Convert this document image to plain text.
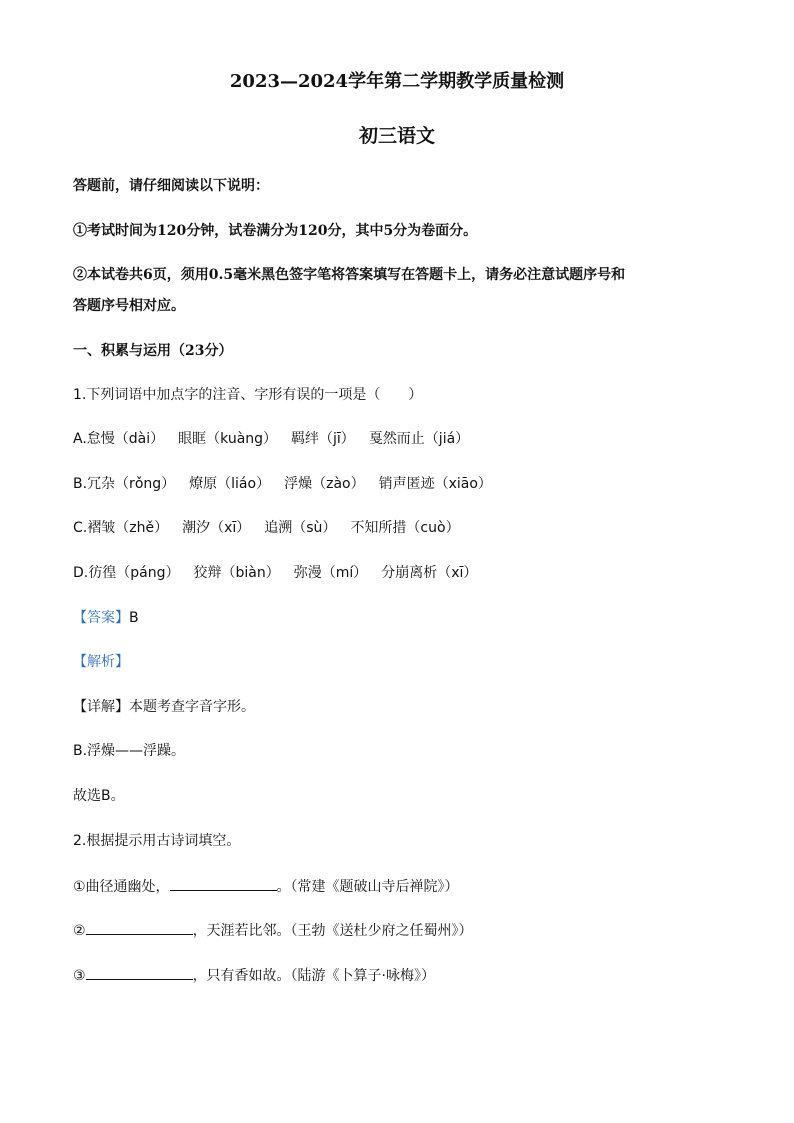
2023—2024学年第二学期教学质量检测
初三语文
答题前，请仔细阅读以下说明：
①考试时间为120分钟，试卷满分为120分，其中5分为卷面分。
②本试卷共6页，须用0.5毫米黑色签字笔将答案填写在答题卡上，请务必注意试题序号和
答题序号相对应。
一、积累与运用（23分）
1.下列词语中加点字的注音、字形有误的一项是（　　）
A.怠慢（dài） 眼眶（kuàng） 羁绊（jī） 戛然而止（jiá）
B.冗杂（rǒng） 燎原（liáo） 浮燥（zào） 销声匿迹（xiāo）
C.褶皱（zhě） 潮汐（xī） 追溯（sù） 不知所措（cuò）
D.彷徨（páng） 狡辩（biàn） 弥漫（mí） 分崩离析（xī）
【答案】B
【解析】
【详解】本题考查字音字形。
B.浮燥——浮躁。
故选B。
2.根据提示用古诗词填空。
①曲径通幽处，	。（常建《题破山寺后禅院》）
②	，天涯若比邻。（王勃《送杜少府之任蜀州》）
③	，只有香如故。（陆游《卜算子·咏梅》）
